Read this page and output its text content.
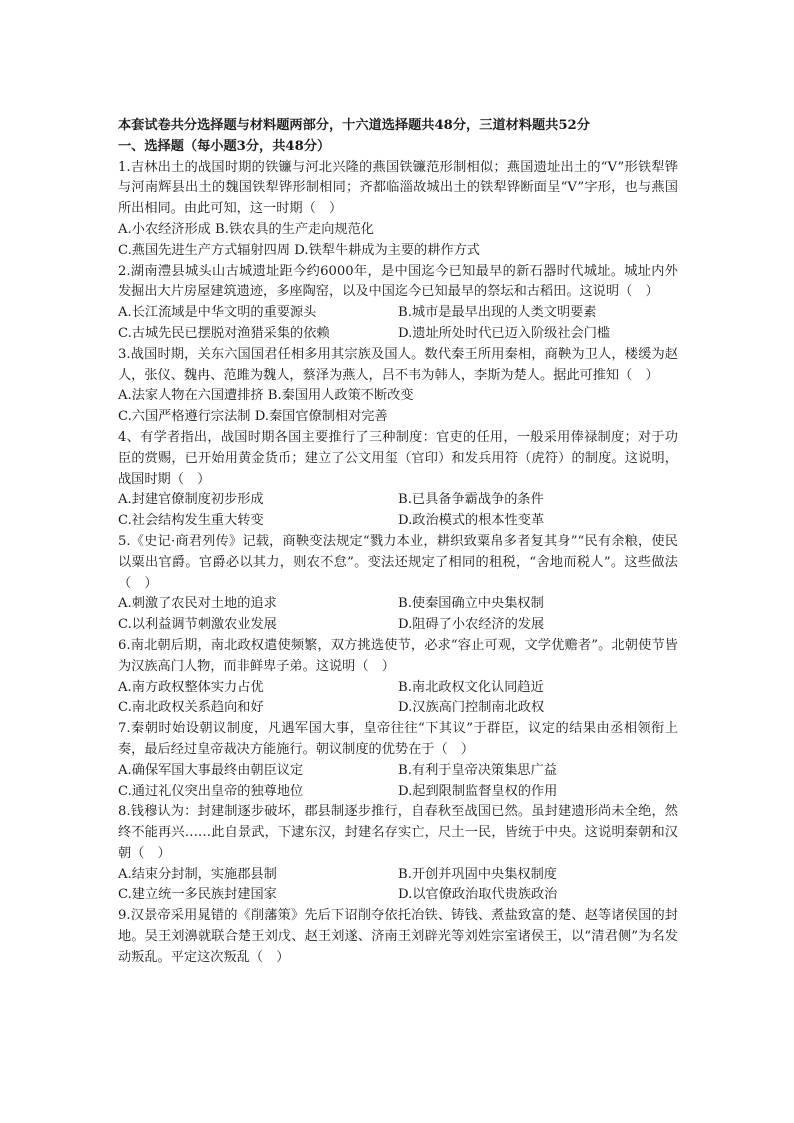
本套试卷共分选择题与材料题两部分，十六道选择题共48分，三道材料题共52分

一、选择题（每小题3分，共48分）

1.吉林出土的战国时期的铁镰与河北兴隆的燕国铁镰范形制相似；燕国遗址出土的“V”形铁犁铧与河南辉县出土的魏国铁犁铧形制相同；齐都临淄故城出土的铁犁铧断面呈“V”字形，也与燕国所出相同。由此可知，这一时期（　）

A.小农经济形成 B.铁农具的生产走向规范化
C.燕国先进生产方式辐射四周 D.铁犁牛耕成为主要的耕作方式

2.湖南澧县城头山古城遗址距今约6000年，是中国迄今已知最早的新石器时代城址。城址内外发掘出大片房屋建筑遗迹，多座陶窑，以及中国迄今已知最早的祭坛和古稻田。这说明（　）

A.长江流域是中华文明的重要源头	B.城市是最早出现的人类文明要素
C.古城先民已摆脱对渔猎采集的依赖	D.遗址所处时代已迈入阶级社会门槛

3.战国时期，关东六国国君任相多用其宗族及国人。数代秦王所用秦相，商鞅为卫人，楼缓为赵人，张仪、魏冉、范雎为魏人，蔡泽为燕人，吕不韦为韩人，李斯为楚人。据此可推知（　）

A.法家人物在六国遭排挤 B.秦国用人政策不断改变
C.六国严格遵行宗法制 D.秦国官僚制相对完善

4、有学者指出，战国时期各国主要推行了三种制度：官吏的任用，一般采用俸禄制度；对于功臣的赏赐，已开始用黄金货币；建立了公文用玺（官印）和发兵用符（虎符）的制度。这说明，战国时期（　）

A.封建官僚制度初步形成	B.已具备争霸战争的条件
C.社会结构发生重大转变	D.政治模式的根本性变革

5.《史记·商君列传》记载，商鞅变法规定“戮力本业，耕织致粟帛多者复其身”“民有余粮，使民以粟出官爵。官爵必以其力，则农不怠”。变法还规定了相同的租税，“舍地而税人”。这些做法（　）

A.刺激了农民对土地的追求	B.使秦国确立中央集权制
C.以利益调节刺激农业发展	D.阻碍了小农经济的发展

6.南北朝后期，南北政权遣使频繁，双方挑选使节，必求“容止可观，文学优赡者”。北朝使节皆为汉族高门人物，而非鲜卑子弟。这说明（　）

A.南方政权整体实力占优	B.南北政权文化认同趋近
C.南北政权关系趋向和好	D.汉族高门控制南北政权

7.秦朝时始设朝议制度，凡遇军国大事，皇帝往往“下其议”于群臣，议定的结果由丞相领衔上奏，最后经过皇帝裁决方能施行。朝议制度的优势在于（　）

A.确保军国大事最终由朝臣议定	B.有利于皇帝决策集思广益
C.通过礼仪突出皇帝的独尊地位	D.起到限制监督皇权的作用

8.钱穆认为：封建制逐步破坏，郡县制逐步推行，自春秋至战国已然。虽封建遗形尚未全绝，然终不能再兴……此自景武，下逮东汉，封建名存实亡，尺土一民，皆统于中央。这说明秦朝和汉朝（　）

A.结束分封制，实施郡县制	B.开创并巩固中央集权制度
C.建立统一多民族封建国家	D.以官僚政治取代贵族政治

9.汉景帝采用晁错的《削藩策》先后下诏削夺依托冶铁、铸钱、煮盐致富的楚、赵等诸侯国的封地。吴王刘濞就联合楚王刘戊、赵王刘遂、济南王刘辟光等刘姓宗室诸侯王，以“清君侧”为名发动叛乱。平定这次叛乱（　）
